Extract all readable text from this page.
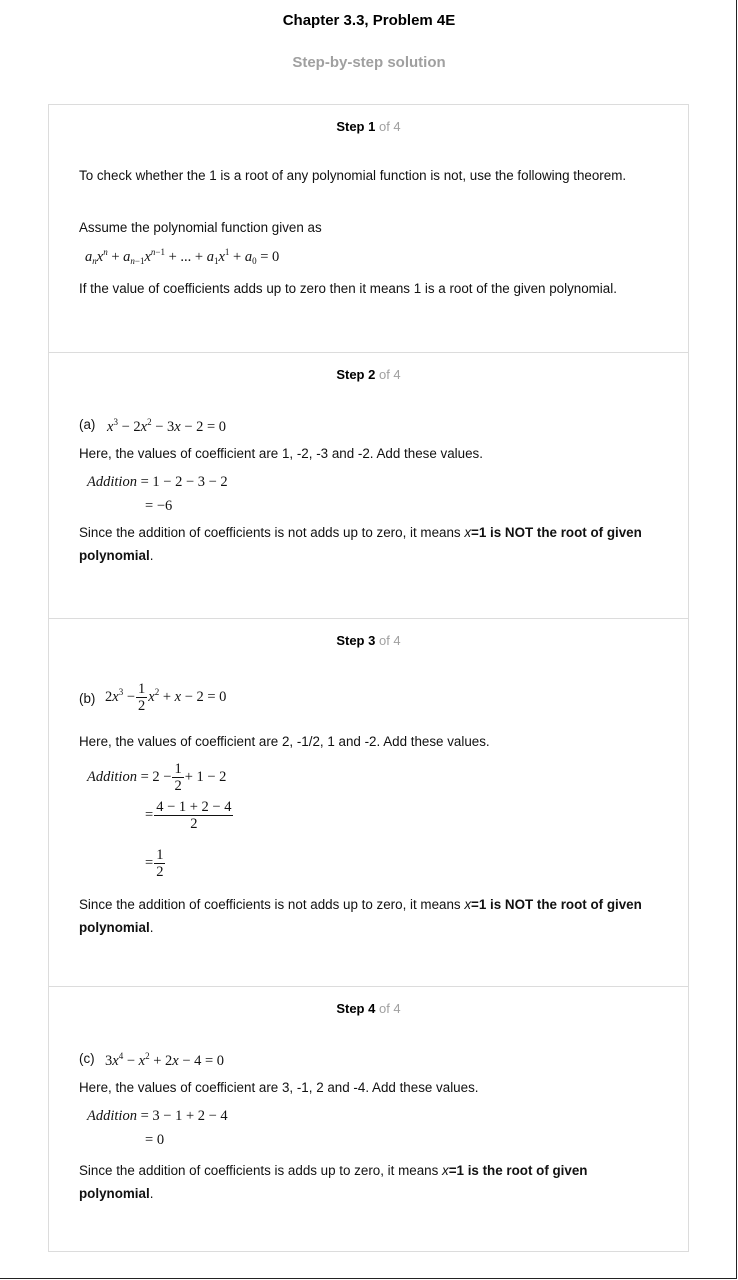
Chapter 3.3, Problem 4E
Step-by-step solution
Step 1 of 4
To check whether the 1 is a root of any polynomial function is not, use the following theorem.
Assume the polynomial function given as
$a_nx^n + a_{n-1}x^{n-1}$ + ... + $a_1x^1 + a_0 = 0$
If the value of coefficients adds up to zero then it means 1 is a root of the given polynomial.
Step 2 of 4
(a) $x^3 - 2x^2 - 3x - 2 = 0$
Here, the values of coefficient are 1, -2, -3 and -2. Add these values.
Addition = 1 − 2 − 3 − 2
= −6
Since the addition of coefficients is not adds up to zero, it means x=1 is NOT the root of given polynomial.
Step 3 of 4
(b) $2x^3 - \frac{1}{2} x^2 + x - 2 = 0$
Here, the values of coefficient are 2, -1/2, 1 and -2. Add these values.
Addition = $2 - \frac{1}{2} + 1 - 2$
= $\frac{4 - 1 + 2 - 4}{2}$
= $\frac{1}{2}$
Since the addition of coefficients is not adds up to zero, it means x=1 is NOT the root of given polynomial.
Step 4 of 4
(c) $3x^4 - x^2 + 2x - 4 = 0$
Here, the values of coefficient are 3, -1, 2 and -4. Add these values.
Addition = 3 − 1 + 2 − 4
= 0
Since the addition of coefficients is adds up to zero, it means x=1 is the root of given polynomial.
